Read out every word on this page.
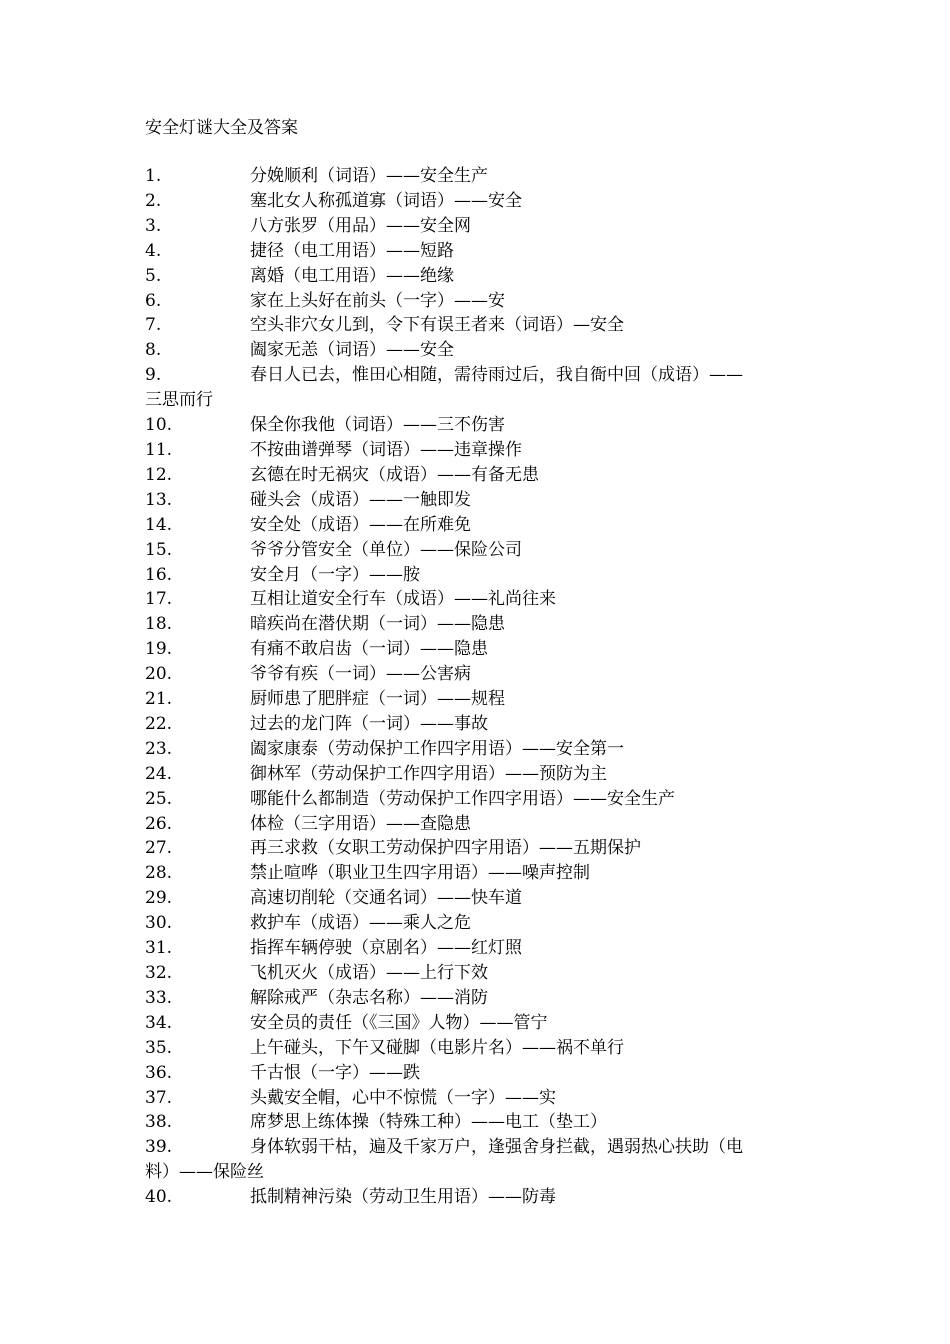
安全灯谜大全及答案
1.	分娩顺利（词语）——安全生产
2.	塞北女人称孤道寡（词语）——安全
3.	八方张罗（用品）——安全网
4.	捷径（电工用语）——短路
5.	离婚（电工用语）——绝缘
6.	家在上头好在前头（一字）——安
7.	空头非穴女儿到，令下有误王者来（词语）—安全
8.	阖家无恙（词语）——安全
9.	春日人已去，惟田心相随，需待雨过后，我自衙中回（成语）——
三思而行
10.	保全你我他（词语）——三不伤害
11.	不按曲谱弹琴（词语）——违章操作
12.	玄德在时无祸灾（成语）——有备无患
13.	碰头会（成语）——一触即发
14.	安全处（成语）——在所难免
15.	爷爷分管安全（单位）——保险公司
16.	安全月（一字）——胺
17.	互相让道安全行车（成语）——礼尚往来
18.	暗疾尚在潜伏期（一词）——隐患
19.	有痛不敢启齿（一词）——隐患
20.	爷爷有疾（一词）——公害病
21.	厨师患了肥胖症（一词）——规程
22.	过去的龙门阵（一词）——事故
23.	阖家康泰（劳动保护工作四字用语）——安全第一
24.	御林军（劳动保护工作四字用语）——预防为主
25.	哪能什么都制造（劳动保护工作四字用语）——安全生产
26.	体检（三字用语）——查隐患
27.	再三求救（女职工劳动保护四字用语）——五期保护
28.	禁止喧哗（职业卫生四字用语）——噪声控制
29.	高速切削轮（交通名词）——快车道
30.	救护车（成语）——乘人之危
31.	指挥车辆停驶（京剧名）——红灯照
32.	飞机灭火（成语）——上行下效
33.	解除戒严（杂志名称）——消防
34.	安全员的责任（《三国》人物）——管宁
35.	上午碰头，下午又碰脚（电影片名）——祸不单行
36.	千古恨（一字）——跌
37.	头戴安全帽，心中不惊慌（一字）——实
38.	席梦思上练体操（特殊工种）——电工（垫工）
39.	身体软弱干枯，遍及千家万户，逢强舍身拦截，遇弱热心扶助（电
料）——保险丝
40.	抵制精神污染（劳动卫生用语）——防毒
